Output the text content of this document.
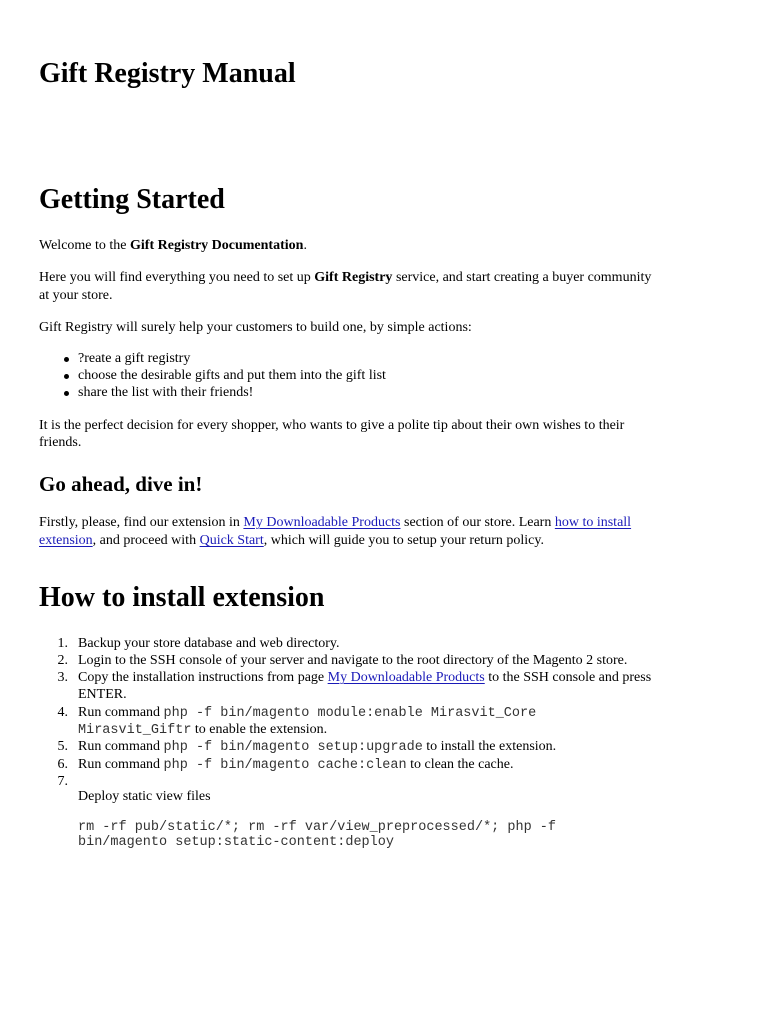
Gift Registry Manual
Getting Started

Welcome to the Gift Registry Documentation.

Here you will find everything you need to set up Gift Registry service, and start creating a buyer community

at your store.

Gift Registry will surely help your customers to build one, by simple actions:

?reate a gift registry

choose the desirable gifts and put them into the gift list

share the list with their friends!

It is the perfect decision for every shopper, who wants to give a polite tip about their own wishes to their

friends.

Go ahead, dive in!

Firstly, please, find our extension in My Downloadable Products section of our store. Learn how to install

extension, and proceed with Quick Start, which will guide you to setup your return policy.

How to install extension
1. Backup your store database and web directory.

2. Login to the SSH console of your server and navigate to the root directory of the Magento 2 store.

3. Copy the installation instructions from page My Downloadable Products to the SSH console and press

ENTER.

4. Run command php -f bin/magento module:enable Mirasvit_Core

Mirasvit_Giftr to enable the extension.

5. Run command php -f bin/magento setup:upgrade to install the extension.

6. Run command php -f bin/magento cache:clean to clean the cache.

7.

Deploy static view files

rm -rf pub/static/*; rm -rf var/view_preprocessed/*; php -f

bin/magento setup:static-content:deploy
